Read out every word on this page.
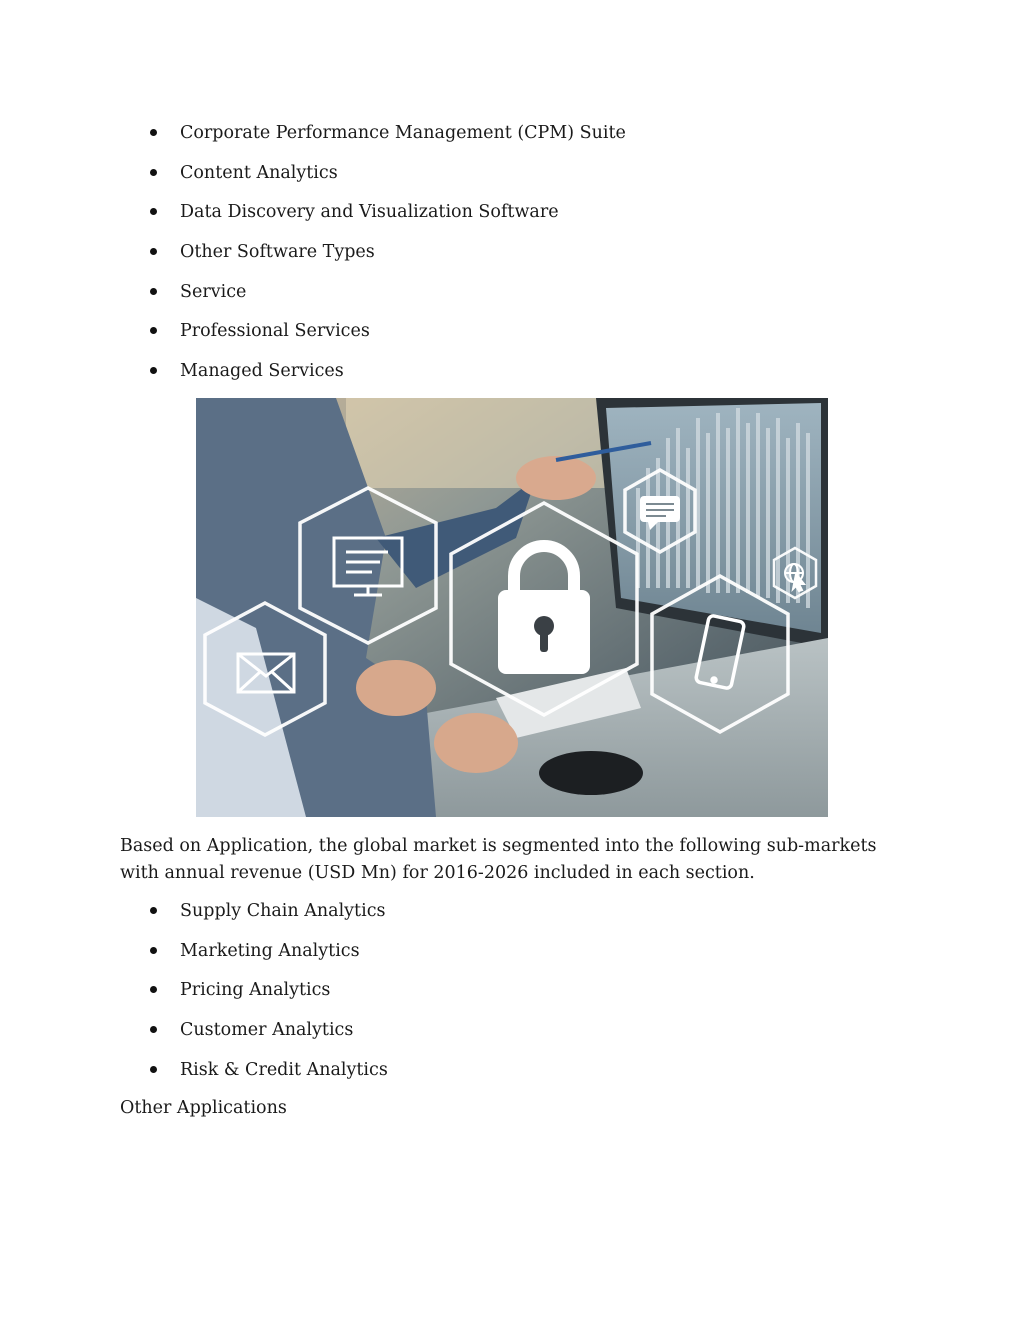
Corporate Performance Management (CPM) Suite
Content Analytics
Data Discovery and Visualization Software
Other Software Types
Service
Professional Services
Managed Services

Based on Application, the global market is segmented into the following sub-markets with annual revenue (USD Mn) for 2016-2026 included in each section.

Supply Chain Analytics
Marketing Analytics
Pricing Analytics
Customer Analytics
Risk & Credit Analytics
Other Applications
